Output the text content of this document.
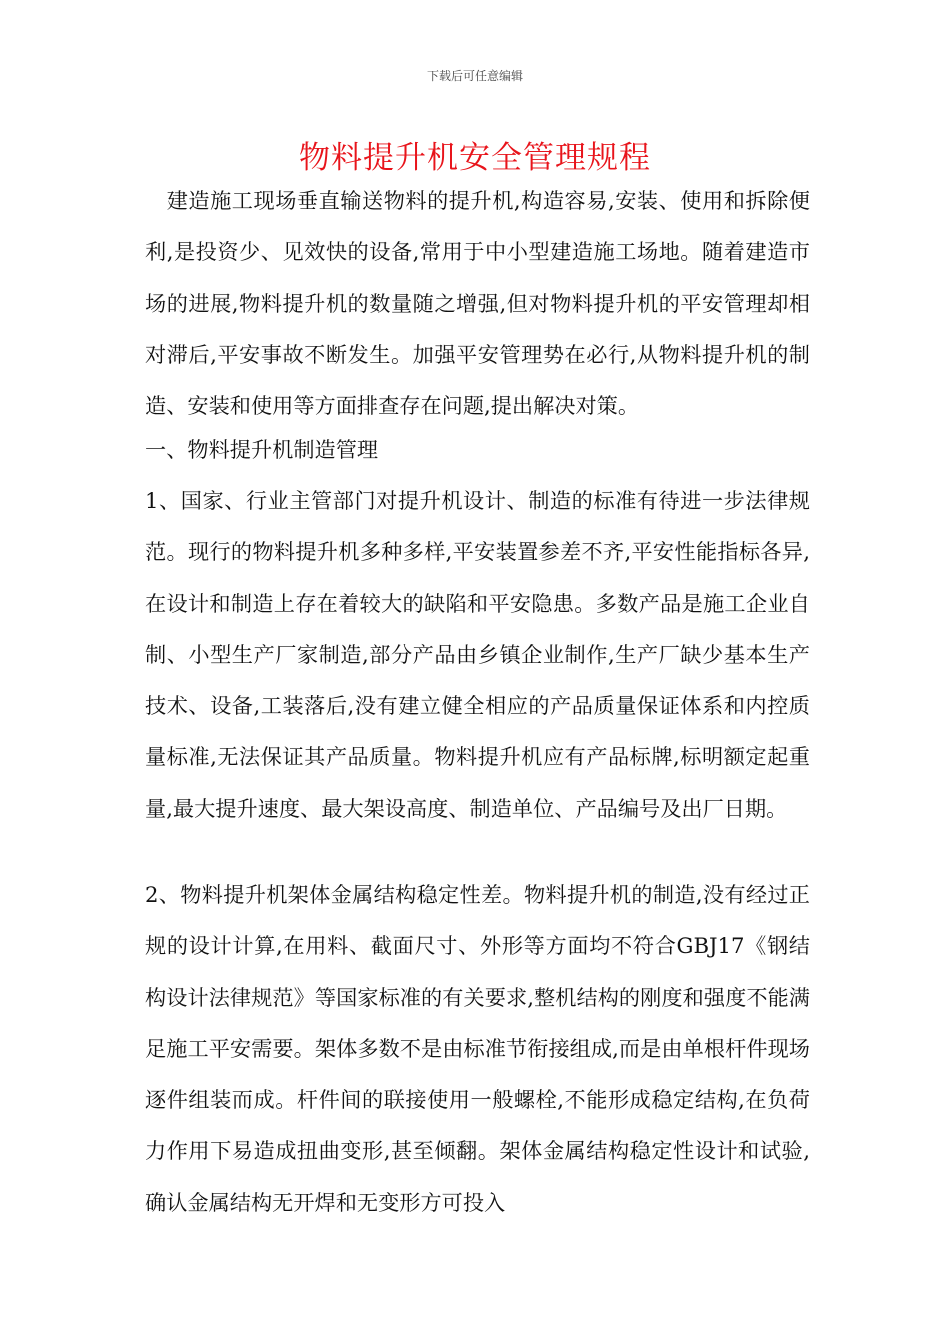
下载后可任意编辑
物料提升机安全管理规程

　建造施工现场垂直输送物料的提升机,构造容易,安装、使用和拆除便利,是投资少、见效快的设备,常用于中小型建造施工场地。随着建造市场的进展,物料提升机的数量随之增强,但对物料提升机的平安管理却相对滞后,平安事故不断发生。加强平安管理势在必行,从物料提升机的制造、安装和使用等方面排查存在问题,提出解决对策。

一、物料提升机制造管理

1、国家、行业主管部门对提升机设计、制造的标准有待进一步法律规范。现行的物料提升机多种多样,平安装置参差不齐,平安性能指标各异,在设计和制造上存在着较大的缺陷和平安隐患。多数产品是施工企业自制、小型生产厂家制造,部分产品由乡镇企业制作,生产厂缺少基本生产技术、设备,工装落后,没有建立健全相应的产品质量保证体系和内控质量标准,无法保证其产品质量。物料提升机应有产品标牌,标明额定起重量,最大提升速度、最大架设高度、制造单位、产品编号及出厂日期。

2、物料提升机架体金属结构稳定性差。物料提升机的制造,没有经过正规的设计计算,在用料、截面尺寸、外形等方面均不符合GBJ17《钢结构设计法律规范》等国家标准的有关要求,整机结构的刚度和强度不能满足施工平安需要。架体多数不是由标准节衔接组成,而是由单根杆件现场逐件组装而成。杆件间的联接使用一般螺栓,不能形成稳定结构,在负荷力作用下易造成扭曲变形,甚至倾翻。架体金属结构稳定性设计和试验,确认金属结构无开焊和无变形方可投入
